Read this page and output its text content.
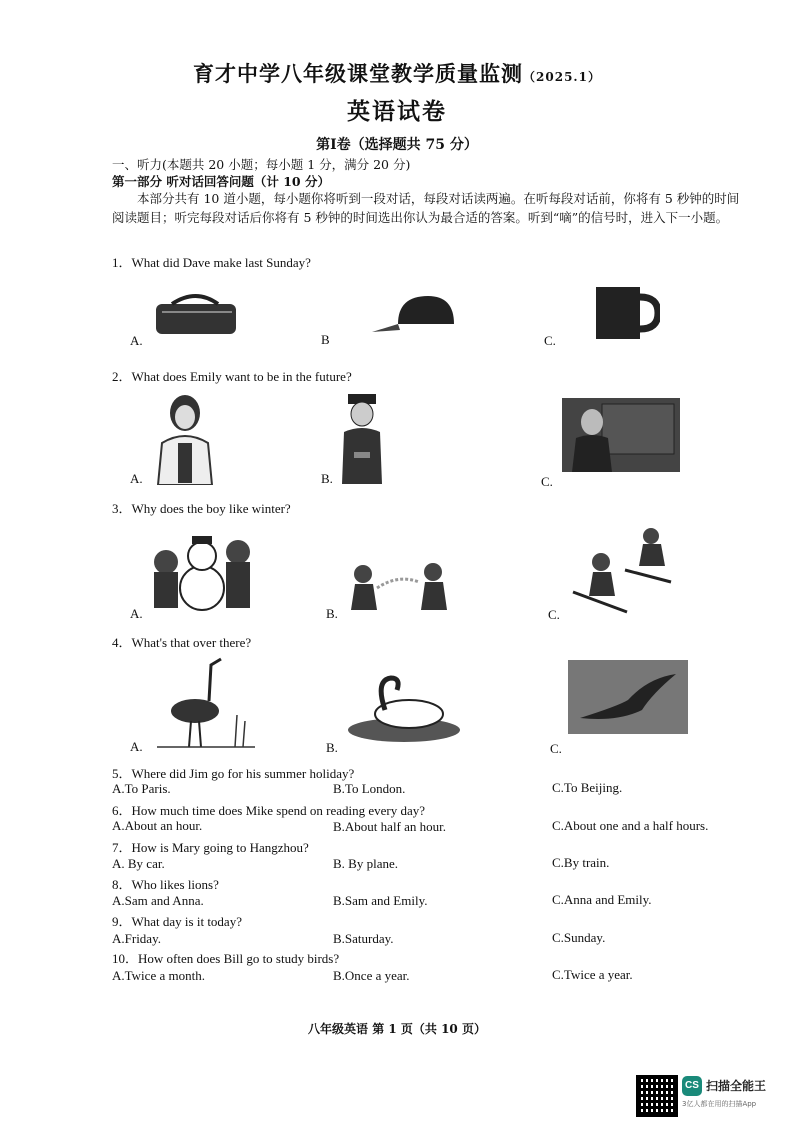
育才中学八年级课堂教学质量监测（2025.1）
英语试卷
第Ⅰ卷（选择题共 75 分）
一、听力(本题共 20 小题；每小题 1 分，满分 20 分)
第一部分 听对话回答问题（计 10 分）
本部分共有 10 道小题，每小题你将听到一段对话，每段对话读两遍。在听每段对话前，你将有 5 秒钟的时间阅读题目；听完每段对话后你将有 5 秒钟的时间选出你认为最合适的答案。听到“嘀”的信号时，进入下一小题。
1．What did Dave make last Sunday?
A.	B	C.
2．What does Emily want to be in the future?
A.	B.	C.
3．Why does the boy like winter?
A.	B.	C.
4．What's that over there?
A.	B.	C.
5．Where did Jim go for his summer holiday?
A.To Paris.	B.To London.	C.To Beijing.
6．How much time does Mike spend on reading every day?
A.About an hour.	B.About half an hour.	C.About one and a half hours.
7．How is Mary going to Hangzhou?
A. By car.	B. By plane.	C.By train.
8．Who likes lions?
A.Sam and Anna.	B.Sam and Emily.	C.Anna and Emily.
9．What day is it today?
A.Friday.	B.Saturday.	C.Sunday.
10．How often does Bill go to study birds?
A.Twice a month.	B.Once a year.	C.Twice a year.
八年级英语 第 1 页（共 10 页）
CS 扫描全能王
3亿人都在用的扫描App
